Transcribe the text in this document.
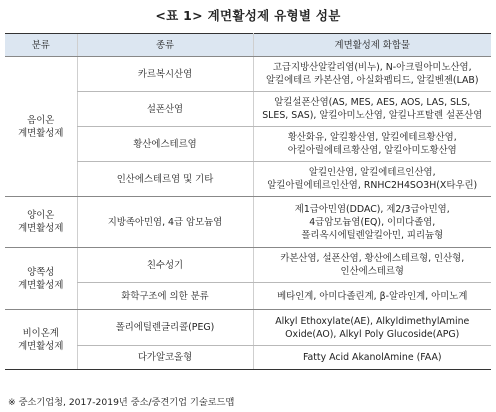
<표 1> 계면활성제 유형별 성분
분류	종류	계면활성제 화합물
음이온
계면활성제	카르복시산염	고급지방산알칼리염(비누), N-아크릴아미노산염,
알킬에테르 카본산염, 아실화펩티드, 알킬벤젠(LAB)
	설폰산염	알킬설폰산염(AS, MES, AES, AOS, LAS, SLS,
SLES, SAS), 알킬아미노산염, 알킬나프탈렌 설폰산염
	황산에스테르염	황산화유, 알킬황산염, 알킬에테르황산염,
아킬아릴에테르황산염, 알킬아미도황산염
	인산에스테르염 및 기타	알킬인산염, 알킬에테르인산염,
알킬아릴에테르인산염, RNHC2H4SO3H(X타우린)
양이온
계면활성제	지방족아민염, 4급 암모늄염	제1급아민염(DDAC), 제2/3급아민염,
4급암모늄염(EQ), 이미다졸염,
폴리옥시에틸렌알킬아민, 피리늄형
양쪽성
계면활성제	친수성기	카본산염, 설폰산염, 황산에스테르형, 인산형,
인산에스테르형
	화학구조에 의한 분류	베타인계, 아미다졸린계, β-알라인계, 아미노계
비이온계
계면활성제	폴리에틸렌글리콜(PEG)	Alkyl Ethoxylate(AE), AlkyldimethylAmine
Oxide(AO), Alkyl Poly Glucoside(APG)
	다가알코올형	Fatty Acid AkanolAmine (FAA)
※ 중소기업청, 2017-2019년 중소/중견기업 기술로드맵
